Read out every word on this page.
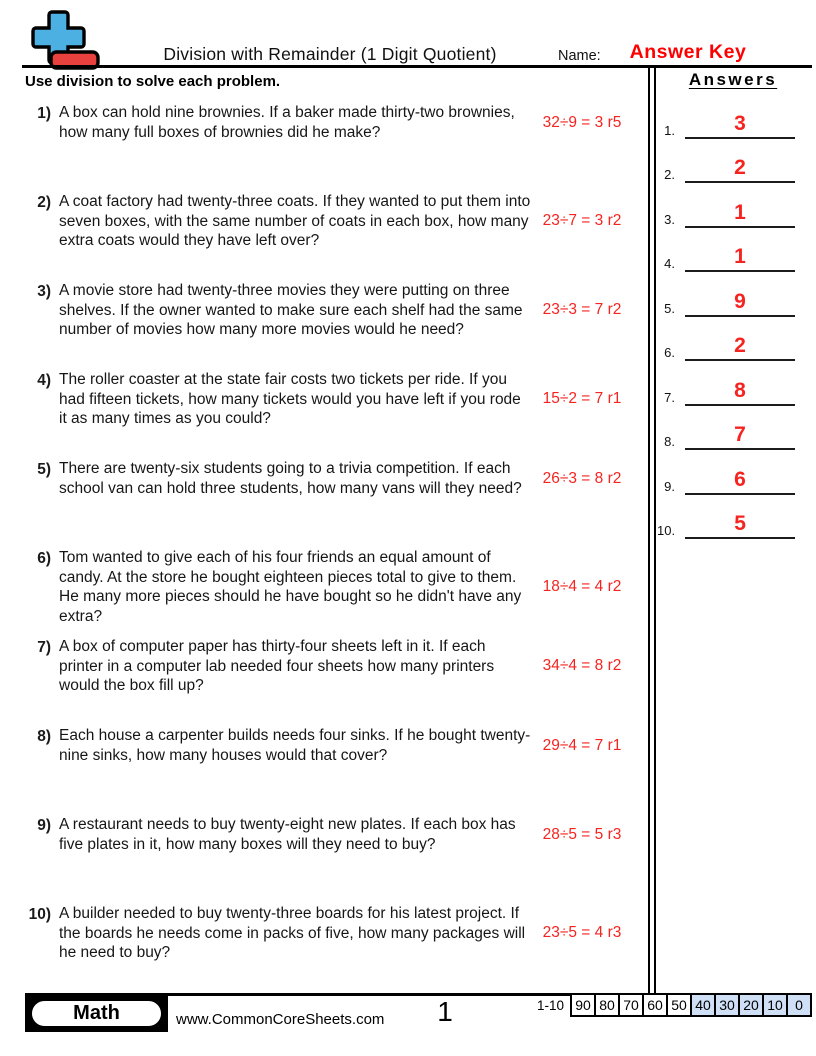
Division with Remainder (1 Digit Quotient)	Name:	Answer Key
Use division to solve each problem.
1) A box can hold nine brownies. If a baker made thirty-two brownies, how many full boxes of brownies did he make?
32÷9 = 3 r5
2) A coat factory had twenty-three coats. If they wanted to put them into seven boxes, with the same number of coats in each box, how many extra coats would they have left over?
23÷7 = 3 r2
3) A movie store had twenty-three movies they were putting on three shelves. If the owner wanted to make sure each shelf had the same number of movies how many more movies would he need?
23÷3 = 7 r2
4) The roller coaster at the state fair costs two tickets per ride. If you had fifteen tickets, how many tickets would you have left if you rode it as many times as you could?
15÷2 = 7 r1
5) There are twenty-six students going to a trivia competition. If each school van can hold three students, how many vans will they need?
26÷3 = 8 r2
6) Tom wanted to give each of his four friends an equal amount of candy. At the store he bought eighteen pieces total to give to them. He many more pieces should he have bought so he didn't have any extra?
18÷4 = 4 r2
7) A box of computer paper has thirty-four sheets left in it. If each printer in a computer lab needed four sheets how many printers would the box fill up?
34÷4 = 8 r2
8) Each house a carpenter builds needs four sinks. If he bought twenty-nine sinks, how many houses would that cover?
29÷4 = 7 r1
9) A restaurant needs to buy twenty-eight new plates. If each box has five plates in it, how many boxes will they need to buy?
28÷5 = 5 r3
10) A builder needed to buy twenty-three boards for his latest project. If the boards he needs come in packs of five, how many packages will he need to buy?
23÷5 = 4 r3
Answers
1.	3
2.	2
3.	1
4.	1
5.	9
6.	2
7.	8
8.	7
9.	6
10.	5
Math	www.CommonCoreSheets.com	1	1-10 90 80 70 60 50 40 30 20 10 0
